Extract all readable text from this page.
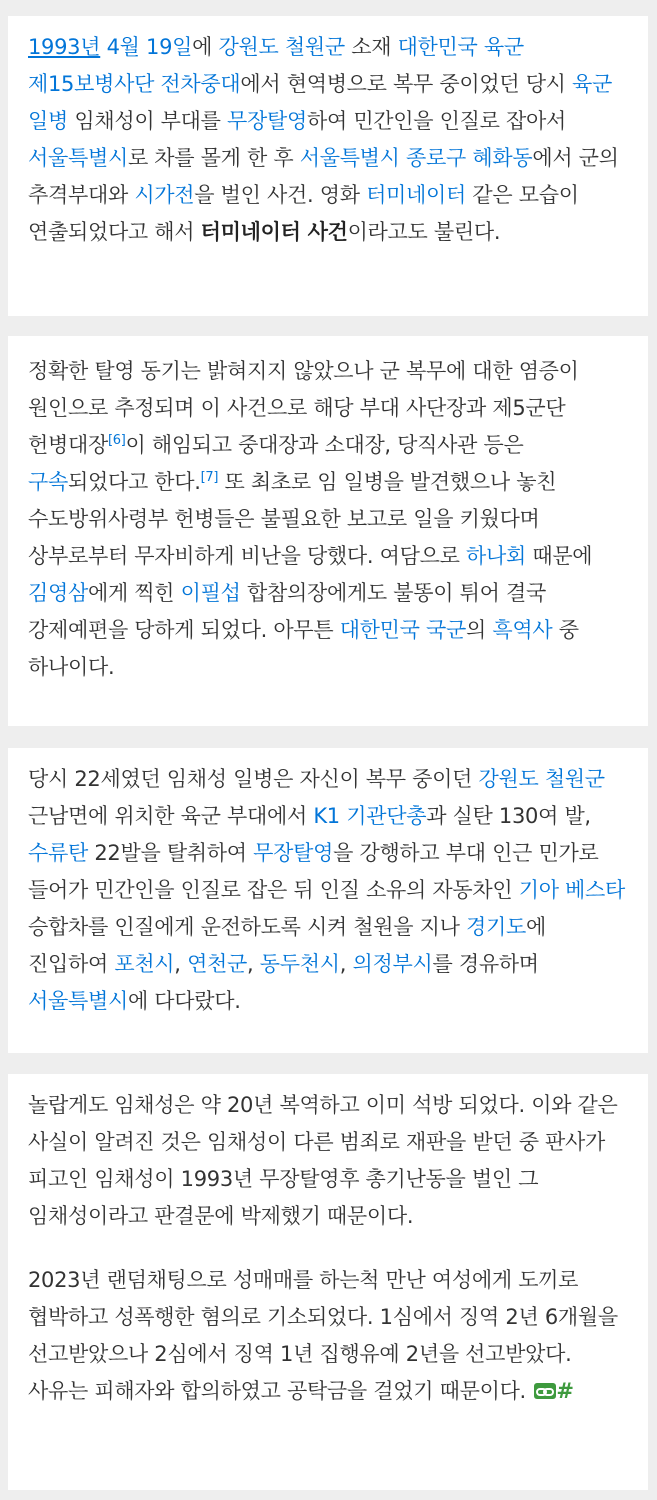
1993년 4월 19일에 강원도 철원군 소재 대한민국 육군 제15보병사단 전차중대에서 현역병으로 복무 중이었던 당시 육군 일병 임채성이 부대를 무장탈영하여 민간인을 인질로 잡아서 서울특별시로 차를 몰게 한 후 서울특별시 종로구 혜화동에서 군의 추격부대와 시가전을 벌인 사건. 영화 터미네이터 같은 모습이 연출되었다고 해서 터미네이터 사건이라고도 불린다.

정확한 탈영 동기는 밝혀지지 않았으나 군 복무에 대한 염증이 원인으로 추정되며 이 사건으로 해당 부대 사단장과 제5군단 헌병대장[6]이 해임되고 중대장과 소대장, 당직사관 등은 구속되었다고 한다.[7] 또 최초로 임 일병을 발견했으나 놓친 수도방위사령부 헌병들은 불필요한 보고로 일을 키웠다며 상부로부터 무자비하게 비난을 당했다. 여담으로 하나회 때문에 김영삼에게 찍힌 이필섭 합참의장에게도 불똥이 튀어 결국 강제예편을 당하게 되었다. 아무튼 대한민국 국군의 흑역사 중 하나이다.

당시 22세였던 임채성 일병은 자신이 복무 중이던 강원도 철원군 근남면에 위치한 육군 부대에서 K1 기관단총과 실탄 130여 발, 수류탄 22발을 탈취하여 무장탈영을 강행하고 부대 인근 민가로 들어가 민간인을 인질로 잡은 뒤 인질 소유의 자동차인 기아 베스타 승합차를 인질에게 운전하도록 시켜 철원을 지나 경기도에 진입하여 포천시, 연천군, 동두천시, 의정부시를 경유하며 서울특별시에 다다랐다.

놀랍게도 임채성은 약 20년 복역하고 이미 석방 되었다. 이와 같은 사실이 알려진 것은 임채성이 다른 범죄로 재판을 받던 중 판사가 피고인 임채성이 1993년 무장탈영후 총기난동을 벌인 그 임채성이라고 판결문에 박제했기 때문이다.

2023년 랜덤채팅으로 성매매를 하는척 만난 여성에게 도끼로 협박하고 성폭행한 혐의로 기소되었다. 1심에서 징역 2년 6개월을 선고받았으나 2심에서 징역 1년 집행유예 2년을 선고받았다. 사유는 피해자와 합의하였고 공탁금을 걸었기 때문이다. #
